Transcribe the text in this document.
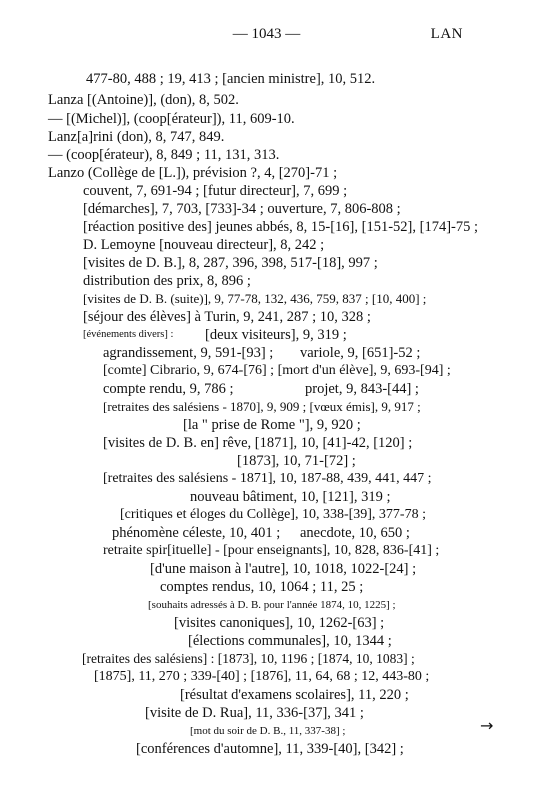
— 1043 —	LAN
477-80, 488 ; 19, 413 ; [ancien ministre], 10, 512.
Lanza [(Antoine)], (don), 8, 502.
— [(Michel)], (coop[érateur]), 11, 609-10.
Lanz[a]rini (don), 8, 747, 849.
— (coop[érateur), 8, 849 ; 11, 131, 313.
Lanzo (Collège de [L.]), prévision ?, 4, [270]-71 ;
couvent, 7, 691-94 ; [futur directeur], 7, 699 ;
[démarches], 7, 703, [733]-34 ; ouverture, 7, 806-808 ;
[réaction positive des] jeunes abbés, 8, 15-[16], [151-52], [174]-75 ;
D. Lemoyne [nouveau directeur], 8, 242 ;
[visites de D. B.], 8, 287, 396, 398, 517-[18], 997 ;
distribution des prix, 8, 896 ;
[visites de D. B. (suite)], 9, 77-78, 132, 436, 759, 837 ; [10, 400] ;
[séjour des élèves] à Turin, 9, 241, 287 ; 10, 328 ;
[événements divers] : [deux visiteurs], 9, 319 ;
agrandissement, 9, 591-[93] ; variole, 9, [651]-52 ;
[comte] Cibrario, 9, 674-[76] ; [mort d'un élève], 9, 693-[94] ;
compte rendu, 9, 786 ;	projet, 9, 843-[44] ;
[retraites des salésiens - 1870], 9, 909 ; [vœux émis], 9, 917 ;
[la " prise de Rome "], 9, 920 ;
[visites de D. B. en] rêve, [1871], 10, [41]-42, [120] ;
[1873], 10, 71-[72] ;
[retraites des salésiens - 1871], 10, 187-88, 439, 441, 447 ;
nouveau bâtiment, 10, [121], 319 ;
[critiques et éloges du Collège], 10, 338-[39], 377-78 ;
phénomène céleste, 10, 401 ; anecdote, 10, 650 ;
retraite spir[ituelle] - [pour enseignants], 10, 828, 836-[41] ;
[d'une maison à l'autre], 10, 1018, 1022-[24] ;
comptes rendus, 10, 1064 ; 11, 25 ;
[souhaits adressés à D. B. pour l'année 1874, 10, 1225] ;
[visites canoniques], 10, 1262-[63] ;
[élections communales], 10, 1344 ;
[retraites des salésiens] : [1873], 10, 1196 ; [1874, 10, 1083] ;
[1875], 11, 270 ; 339-[40] ; [1876], 11, 64, 68 ; 12, 443-80 ;
[résultat d'examens scolaires], 11, 220 ;
[visite de D. Rua], 11, 336-[37], 341 ;
[mot du soir de D. B., 11, 337-38] ;
[conférences d'automne], 11, 339-[40], [342] ;
→
